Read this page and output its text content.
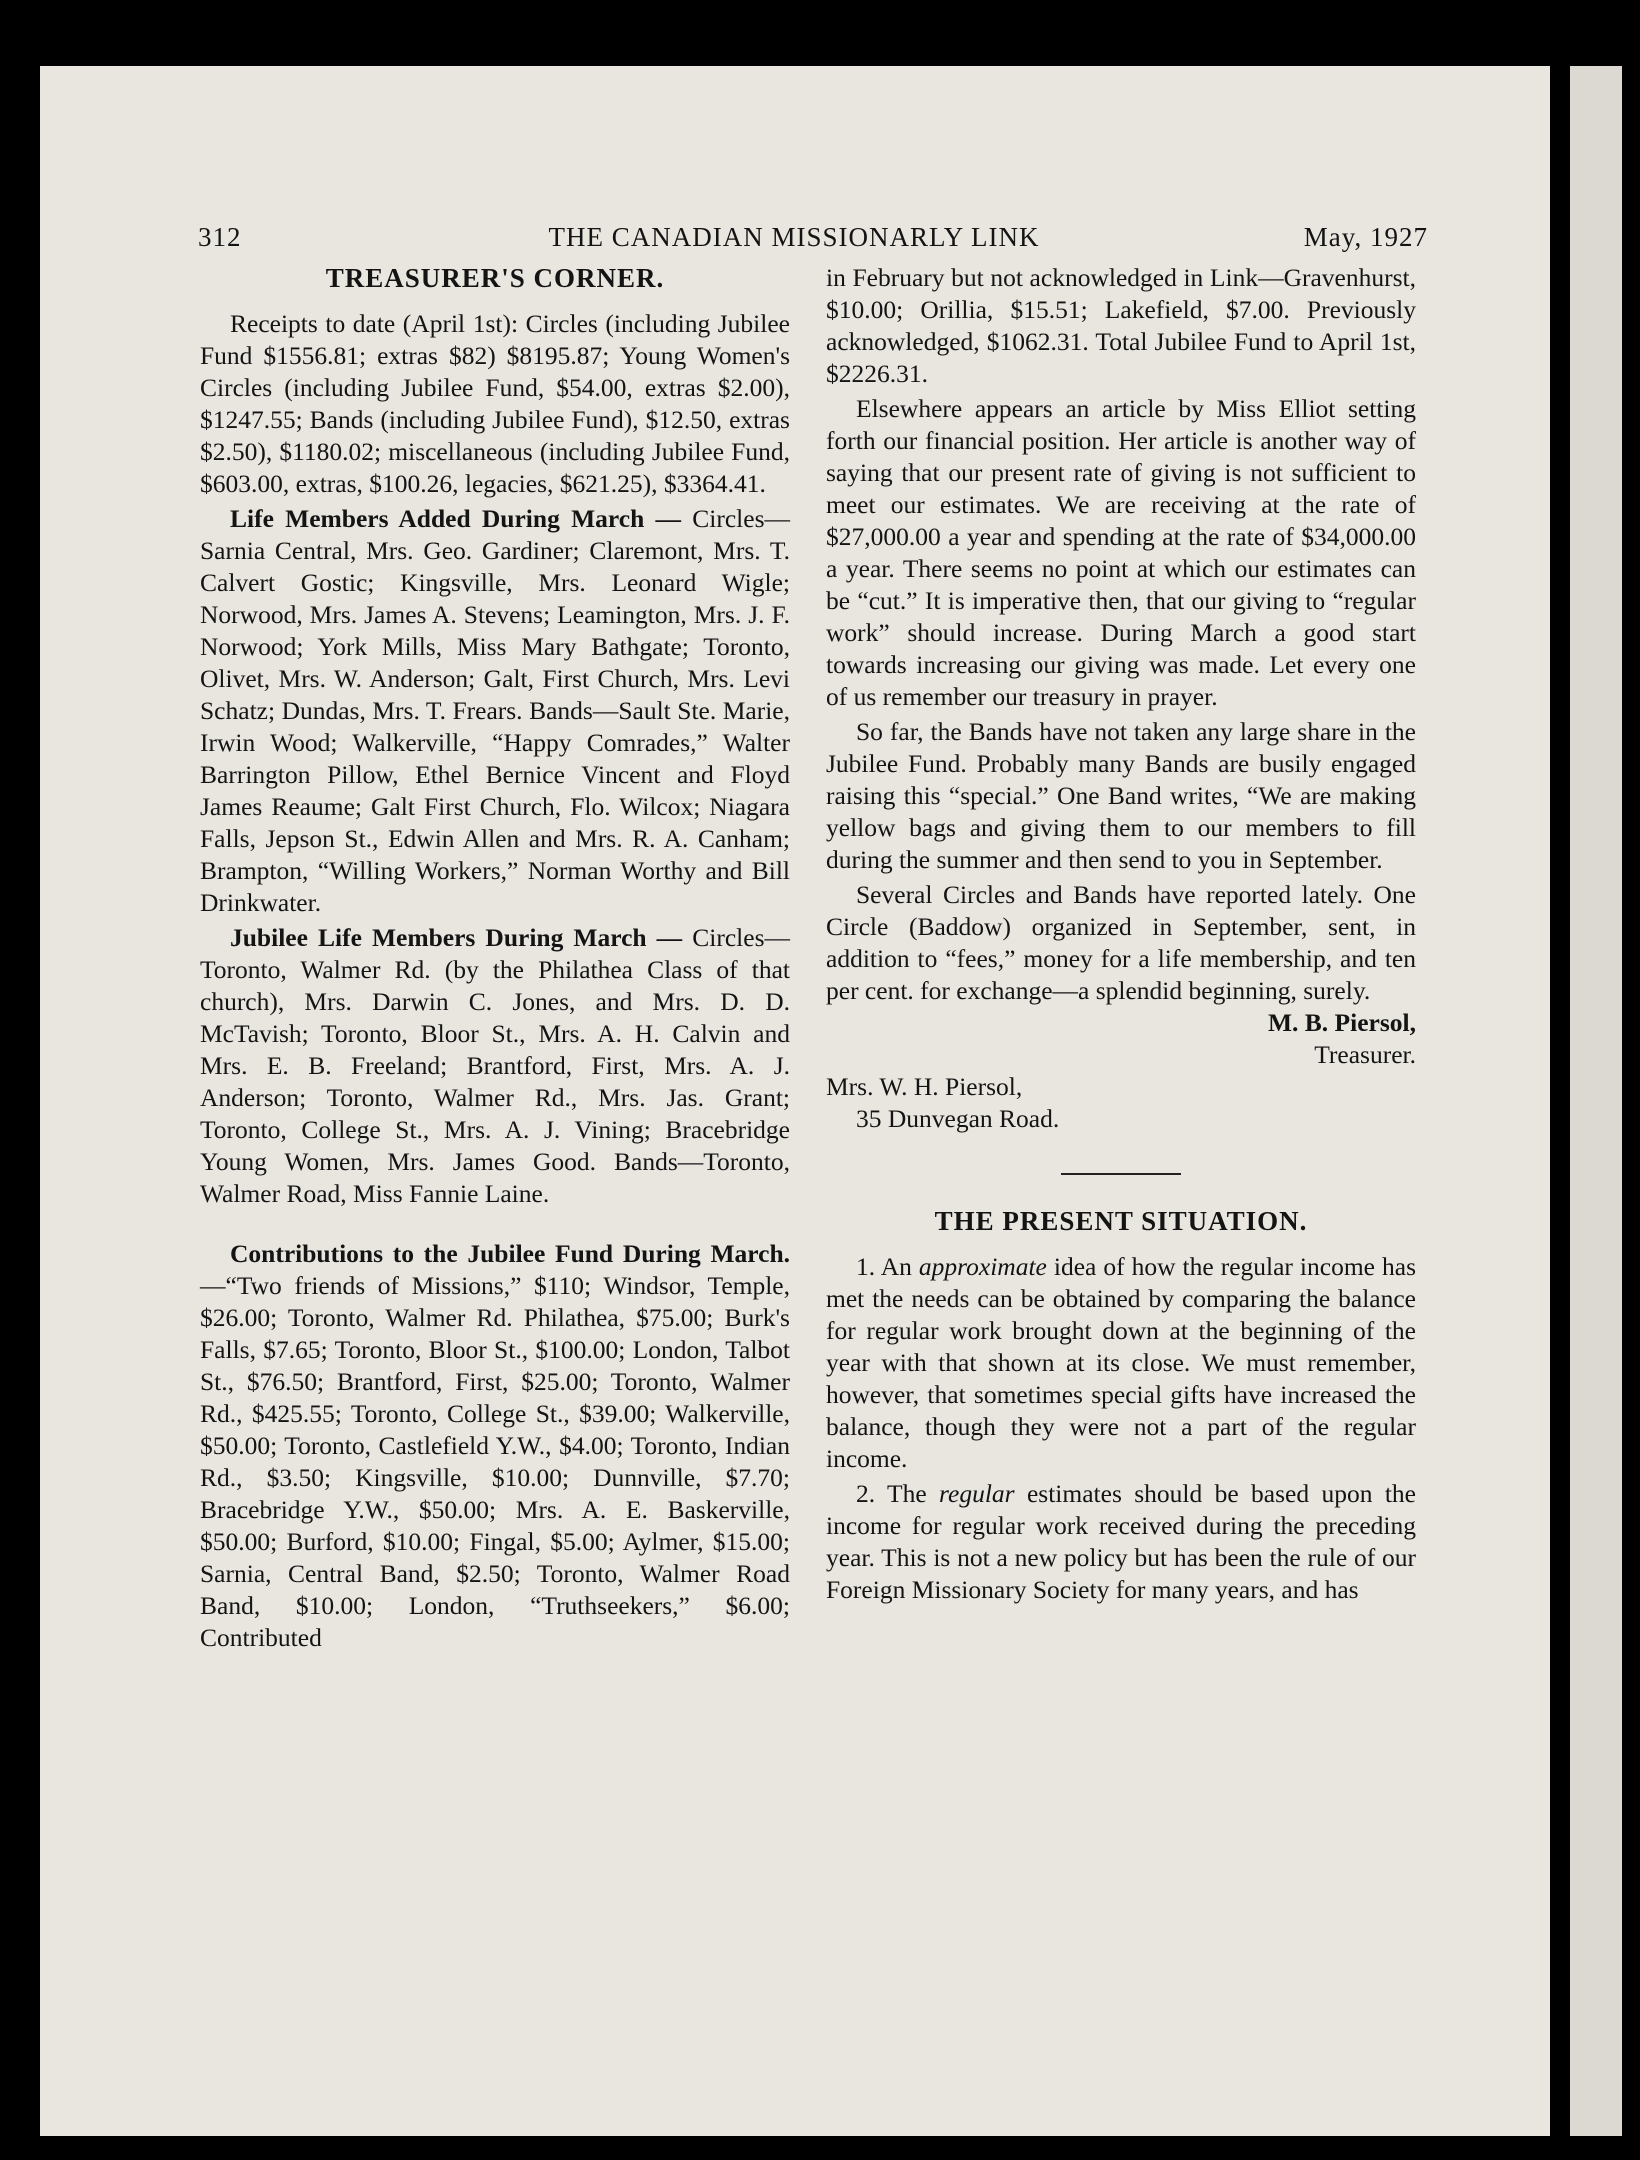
312	THE CANADIAN MISSIONARLY LINK	May, 1927
TREASURER'S CORNER.

Receipts to date (April 1st): Circles (including Jubilee Fund $1556.81; extras $82) $8195.87; Young Women's Circles (including Jubilee Fund, $54.00, extras $2.00), $1247.55; Bands (including Jubilee Fund), $12.50, extras $2.50), $1180.02; miscellaneous (including Jubilee Fund, $603.00, extras, $100.26, legacies, $621.25), $3364.41.

Life Members Added During March — Circles—Sarnia Central, Mrs. Geo. Gardiner; Claremont, Mrs. T. Calvert Gostic; Kingsville, Mrs. Leonard Wigle; Norwood, Mrs. James A. Stevens; Leamington, Mrs. J. F. Norwood; York Mills, Miss Mary Bathgate; Toronto, Olivet, Mrs. W. Anderson; Galt, First Church, Mrs. Levi Schatz; Dundas, Mrs. T. Frears. Bands—Sault Ste. Marie, Irwin Wood; Walkerville, “Happy Comrades,” Walter Barrington Pillow, Ethel Bernice Vincent and Floyd James Reaume; Galt First Church, Flo. Wilcox; Niagara Falls, Jepson St., Edwin Allen and Mrs. R. A. Canham; Brampton, “Willing Workers,” Norman Worthy and Bill Drinkwater.

Jubilee Life Members During March — Circles—Toronto, Walmer Rd. (by the Philathea Class of that church), Mrs. Darwin C. Jones, and Mrs. D. D. McTavish; Toronto, Bloor St., Mrs. A. H. Calvin and Mrs. E. B. Freeland; Brantford, First, Mrs. A. J. Anderson; Toronto, Walmer Rd., Mrs. Jas. Grant; Toronto, College St., Mrs. A. J. Vining; Bracebridge Young Women, Mrs. James Good. Bands—Toronto, Walmer Road, Miss Fannie Laine.

Contributions to the Jubilee Fund During March.—“Two friends of Missions,” $110; Windsor, Temple, $26.00; Toronto, Walmer Rd. Philathea, $75.00; Burk's Falls, $7.65; Toronto, Bloor St., $100.00; London, Talbot St., $76.50; Brantford, First, $25.00; Toronto, Walmer Rd., $425.55; Toronto, College St., $39.00; Walkerville, $50.00; Toronto, Castlefield Y.W., $4.00; Toronto, Indian Rd., $3.50; Kingsville, $10.00; Dunnville, $7.70; Bracebridge Y.W., $50.00; Mrs. A. E. Baskerville, $50.00; Burford, $10.00; Fingal, $5.00; Aylmer, $15.00; Sarnia, Central Band, $2.50; Toronto, Walmer Road Band, $10.00; London, “Truthseekers,” $6.00; Contributed

in February but not acknowledged in Link—Gravenhurst, $10.00; Orillia, $15.51; Lakefield, $7.00. Previously acknowledged, $1062.31. Total Jubilee Fund to April 1st, $2226.31.

Elsewhere appears an article by Miss Elliot setting forth our financial position. Her article is another way of saying that our present rate of giving is not sufficient to meet our estimates. We are receiving at the rate of $27,000.00 a year and spending at the rate of $34,000.00 a year. There seems no point at which our estimates can be “cut.” It is imperative then, that our giving to “regular work” should increase. During March a good start towards increasing our giving was made. Let every one of us remember our treasury in prayer.

So far, the Bands have not taken any large share in the Jubilee Fund. Probably many Bands are busily engaged raising this “special.” One Band writes, “We are making yellow bags and giving them to our members to fill during the summer and then send to you in September.

Several Circles and Bands have reported lately. One Circle (Baddow) organized in September, sent, in addition to “fees,” money for a life membership, and ten per cent. for exchange—a splendid beginning, surely.

M. B. Piersol,

Treasurer.

Mrs. W. H. Piersol,

35 Dunvegan Road.

THE PRESENT SITUATION.

1. An approximate idea of how the regular income has met the needs can be obtained by comparing the balance for regular work brought down at the beginning of the year with that shown at its close. We must remember, however, that sometimes special gifts have increased the balance, though they were not a part of the regular income.

2. The regular estimates should be based upon the income for regular work received during the preceding year. This is not a new policy but has been the rule of our Foreign Missionary Society for many years, and has
